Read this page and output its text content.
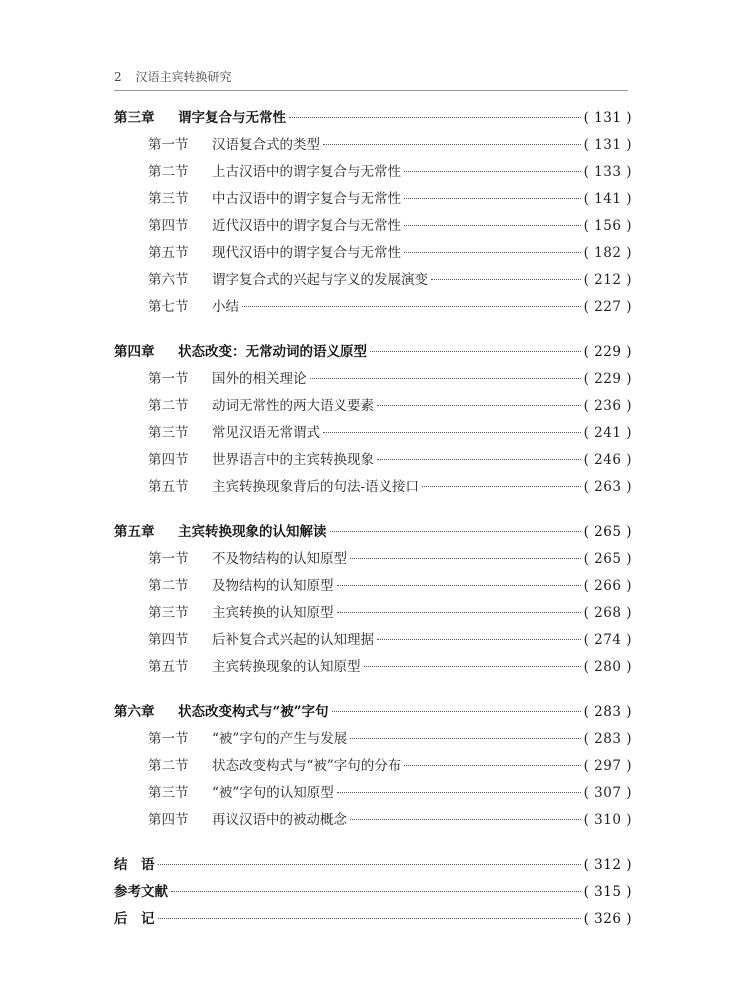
2 汉语主宾转换研究
第三章	谓字复合与无常性	( 131 )
第一节	汉语复合式的类型	( 131 )
第二节	上古汉语中的谓字复合与无常性	( 133 )
第三节	中古汉语中的谓字复合与无常性	( 141 )
第四节	近代汉语中的谓字复合与无常性	( 156 )
第五节	现代汉语中的谓字复合与无常性	( 182 )
第六节	谓字复合式的兴起与字义的发展演变	( 212 )
第七节	小结	( 227 )
第四章	状态改变：无常动词的语义原型	( 229 )
第一节	国外的相关理论	( 229 )
第二节	动词无常性的两大语义要素	( 236 )
第三节	常见汉语无常谓式	( 241 )
第四节	世界语言中的主宾转换现象	( 246 )
第五节	主宾转换现象背后的句法-语义接口	( 263 )
第五章	主宾转换现象的认知解读	( 265 )
第一节	不及物结构的认知原型	( 265 )
第二节	及物结构的认知原型	( 266 )
第三节	主宾转换的认知原型	( 268 )
第四节	后补复合式兴起的认知理据	( 274 )
第五节	主宾转换现象的认知原型	( 280 )
第六章	状态改变构式与“被”字句	( 283 )
第一节	“被”字句的产生与发展	( 283 )
第二节	状态改变构式与“被”字句的分布	( 297 )
第三节	“被”字句的认知原型	( 307 )
第四节	再议汉语中的被动概念	( 310 )
结　语	( 312 )
参考文献	( 315 )
后　记	( 326 )
